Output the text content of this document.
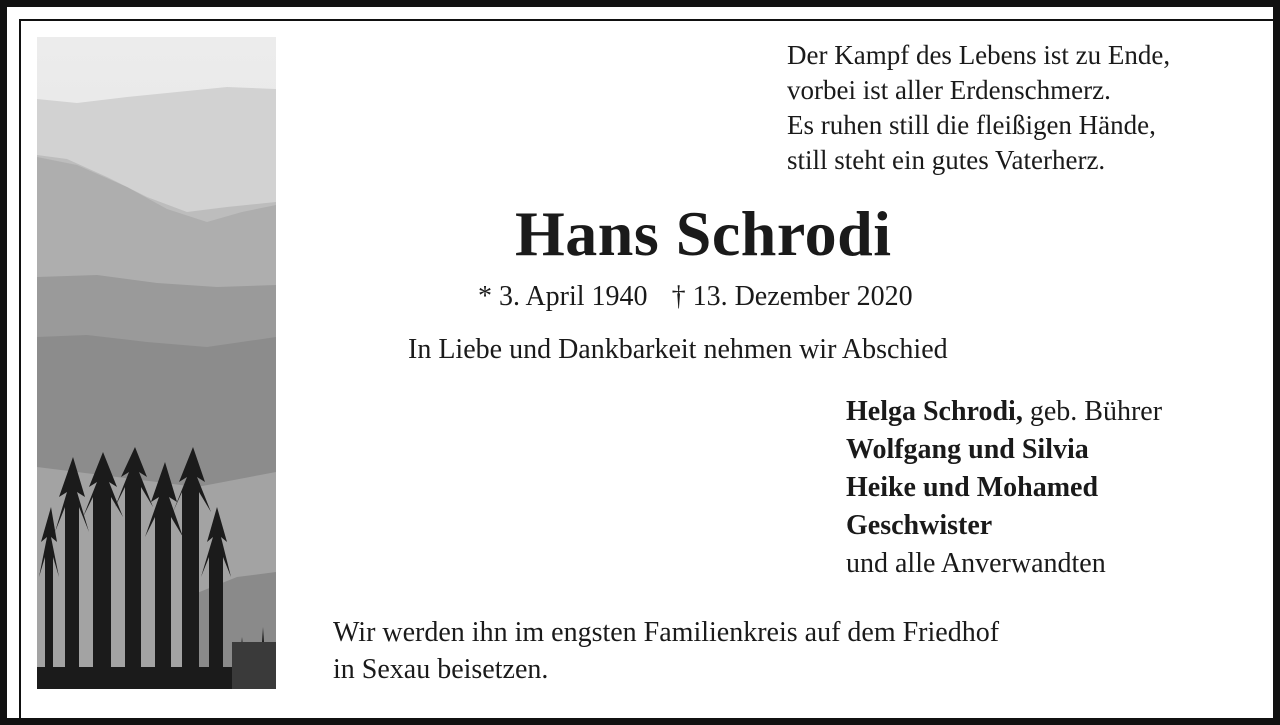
Der Kampf des Lebens ist zu Ende,
vorbei ist aller Erdenschmerz.
Es ruhen still die fleißigen Hände,
still steht ein gutes Vaterherz.
Hans Schrodi
* 3. April 1940 † 13. Dezember 2020
In Liebe und Dankbarkeit nehmen wir Abschied
Helga Schrodi, geb. Bührer
Wolfgang und Silvia
Heike und Mohamed
Geschwister
und alle Anverwandten
Wir werden ihn im engsten Familienkreis auf dem Friedhof
in Sexau beisetzen.
